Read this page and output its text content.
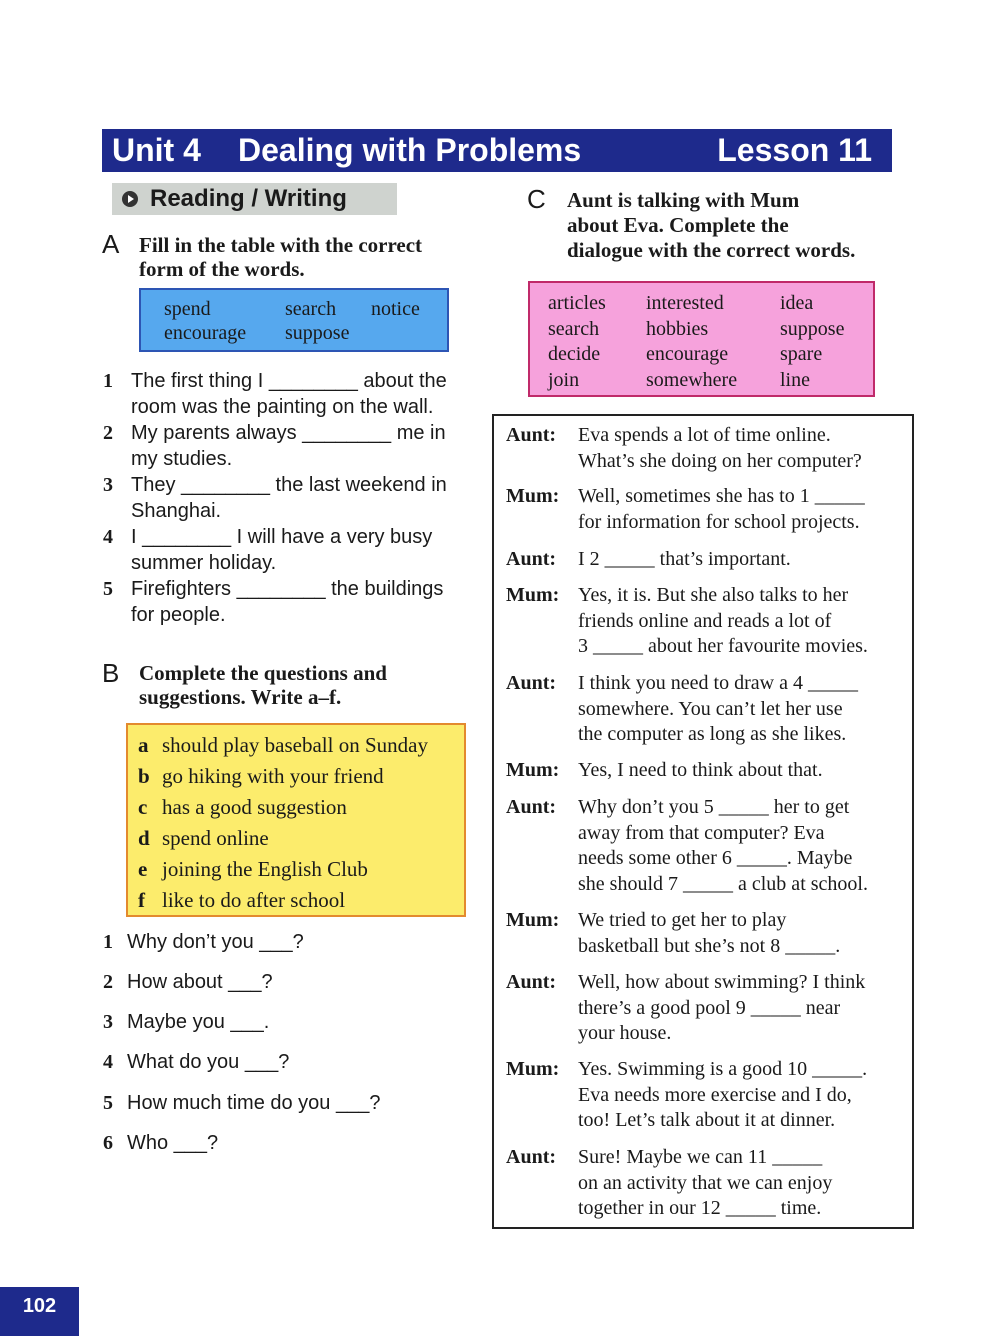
Unit 4 Dealing with Problems	Lesson 11
Reading / Writing
A Fill in the table with the correct
form of the words.
spend	search notice
encourage suppose
1 The first thing I ________ about the
room was the painting on the wall.
2 My parents always ________ me in
my studies.
3 They ________ the last weekend in
Shanghai.
4 I ________ I will have a very busy
summer holiday.
5 Firefighters ________ the buildings
for people.
B Complete the questions and
suggestions. Write a–f.
a should play baseball on Sunday
b go hiking with your friend
c has a good suggestion
d spend online
e joining the English Club
f like to do after school
1 Why don’t you ___?
2 How about ___?
3 Maybe you ___.
4 What do you ___?
5 How much time do you ___?
6 Who ___?
C Aunt is talking with Mum
about Eva. Complete the
dialogue with the correct words.
articles
search
decide
join
interested
hobbies
encourage
somewhere
idea
suppose
spare
line
Aunt: Eva spends a lot of time online.
What’s she doing on her computer?
Mum: Well, sometimes she has to 1 _____
for information for school projects.
Aunt: I 2 _____ that’s important.
Mum: Yes, it is. But she also talks to her
friends online and reads a lot of
3 _____ about her favourite movies.
Aunt: I think you need to draw a 4 _____
somewhere. You can’t let her use
the computer as long as she likes.
Mum: Yes, I need to think about that.
Aunt: Why don’t you 5 _____ her to get
away from that computer? Eva
needs some other 6 _____. Maybe
she should 7 _____ a club at school.
Mum: We tried to get her to play
basketball but she’s not 8 _____.
Aunt: Well, how about swimming? I think
there’s a good pool 9 _____ near
your house.
Mum: Yes. Swimming is a good 10 _____.
Eva needs more exercise and I do,
too! Let’s talk about it at dinner.
Aunt: Sure! Maybe we can 11 _____
on an activity that we can enjoy
together in our 12 _____ time.
102
